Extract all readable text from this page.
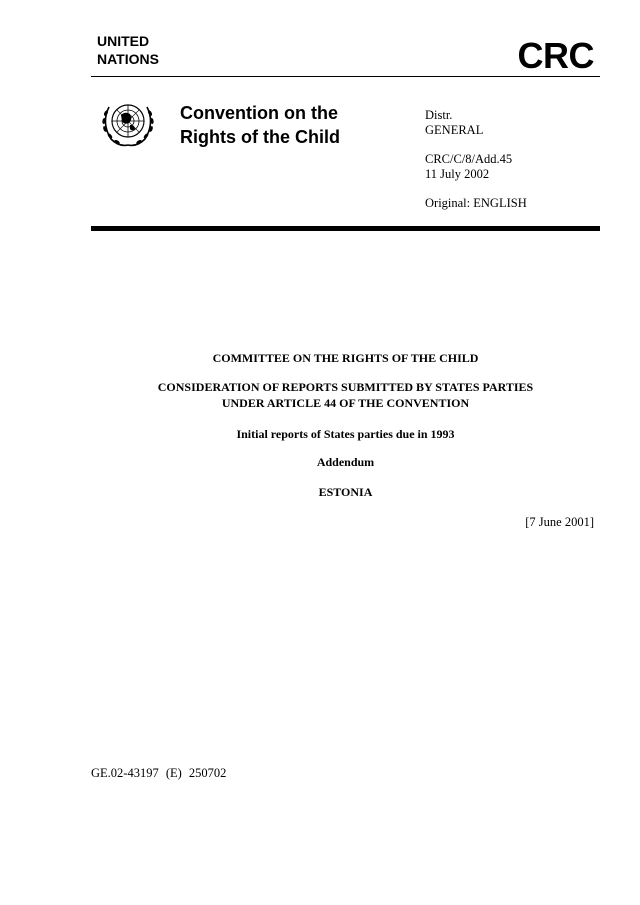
UNITED
NATIONS	CRC
Convention on the
Rights of the Child
Distr.
GENERAL
CRC/C/8/Add.45
11 July 2002
Original: ENGLISH
COMMITTEE ON THE RIGHTS OF THE CHILD
CONSIDERATION OF REPORTS SUBMITTED BY STATES PARTIES
UNDER ARTICLE 44 OF THE CONVENTION
Initial reports of States parties due in 1993
Addendum
ESTONIA
[7 June 2001]
GE.02-43197 (E) 250702
